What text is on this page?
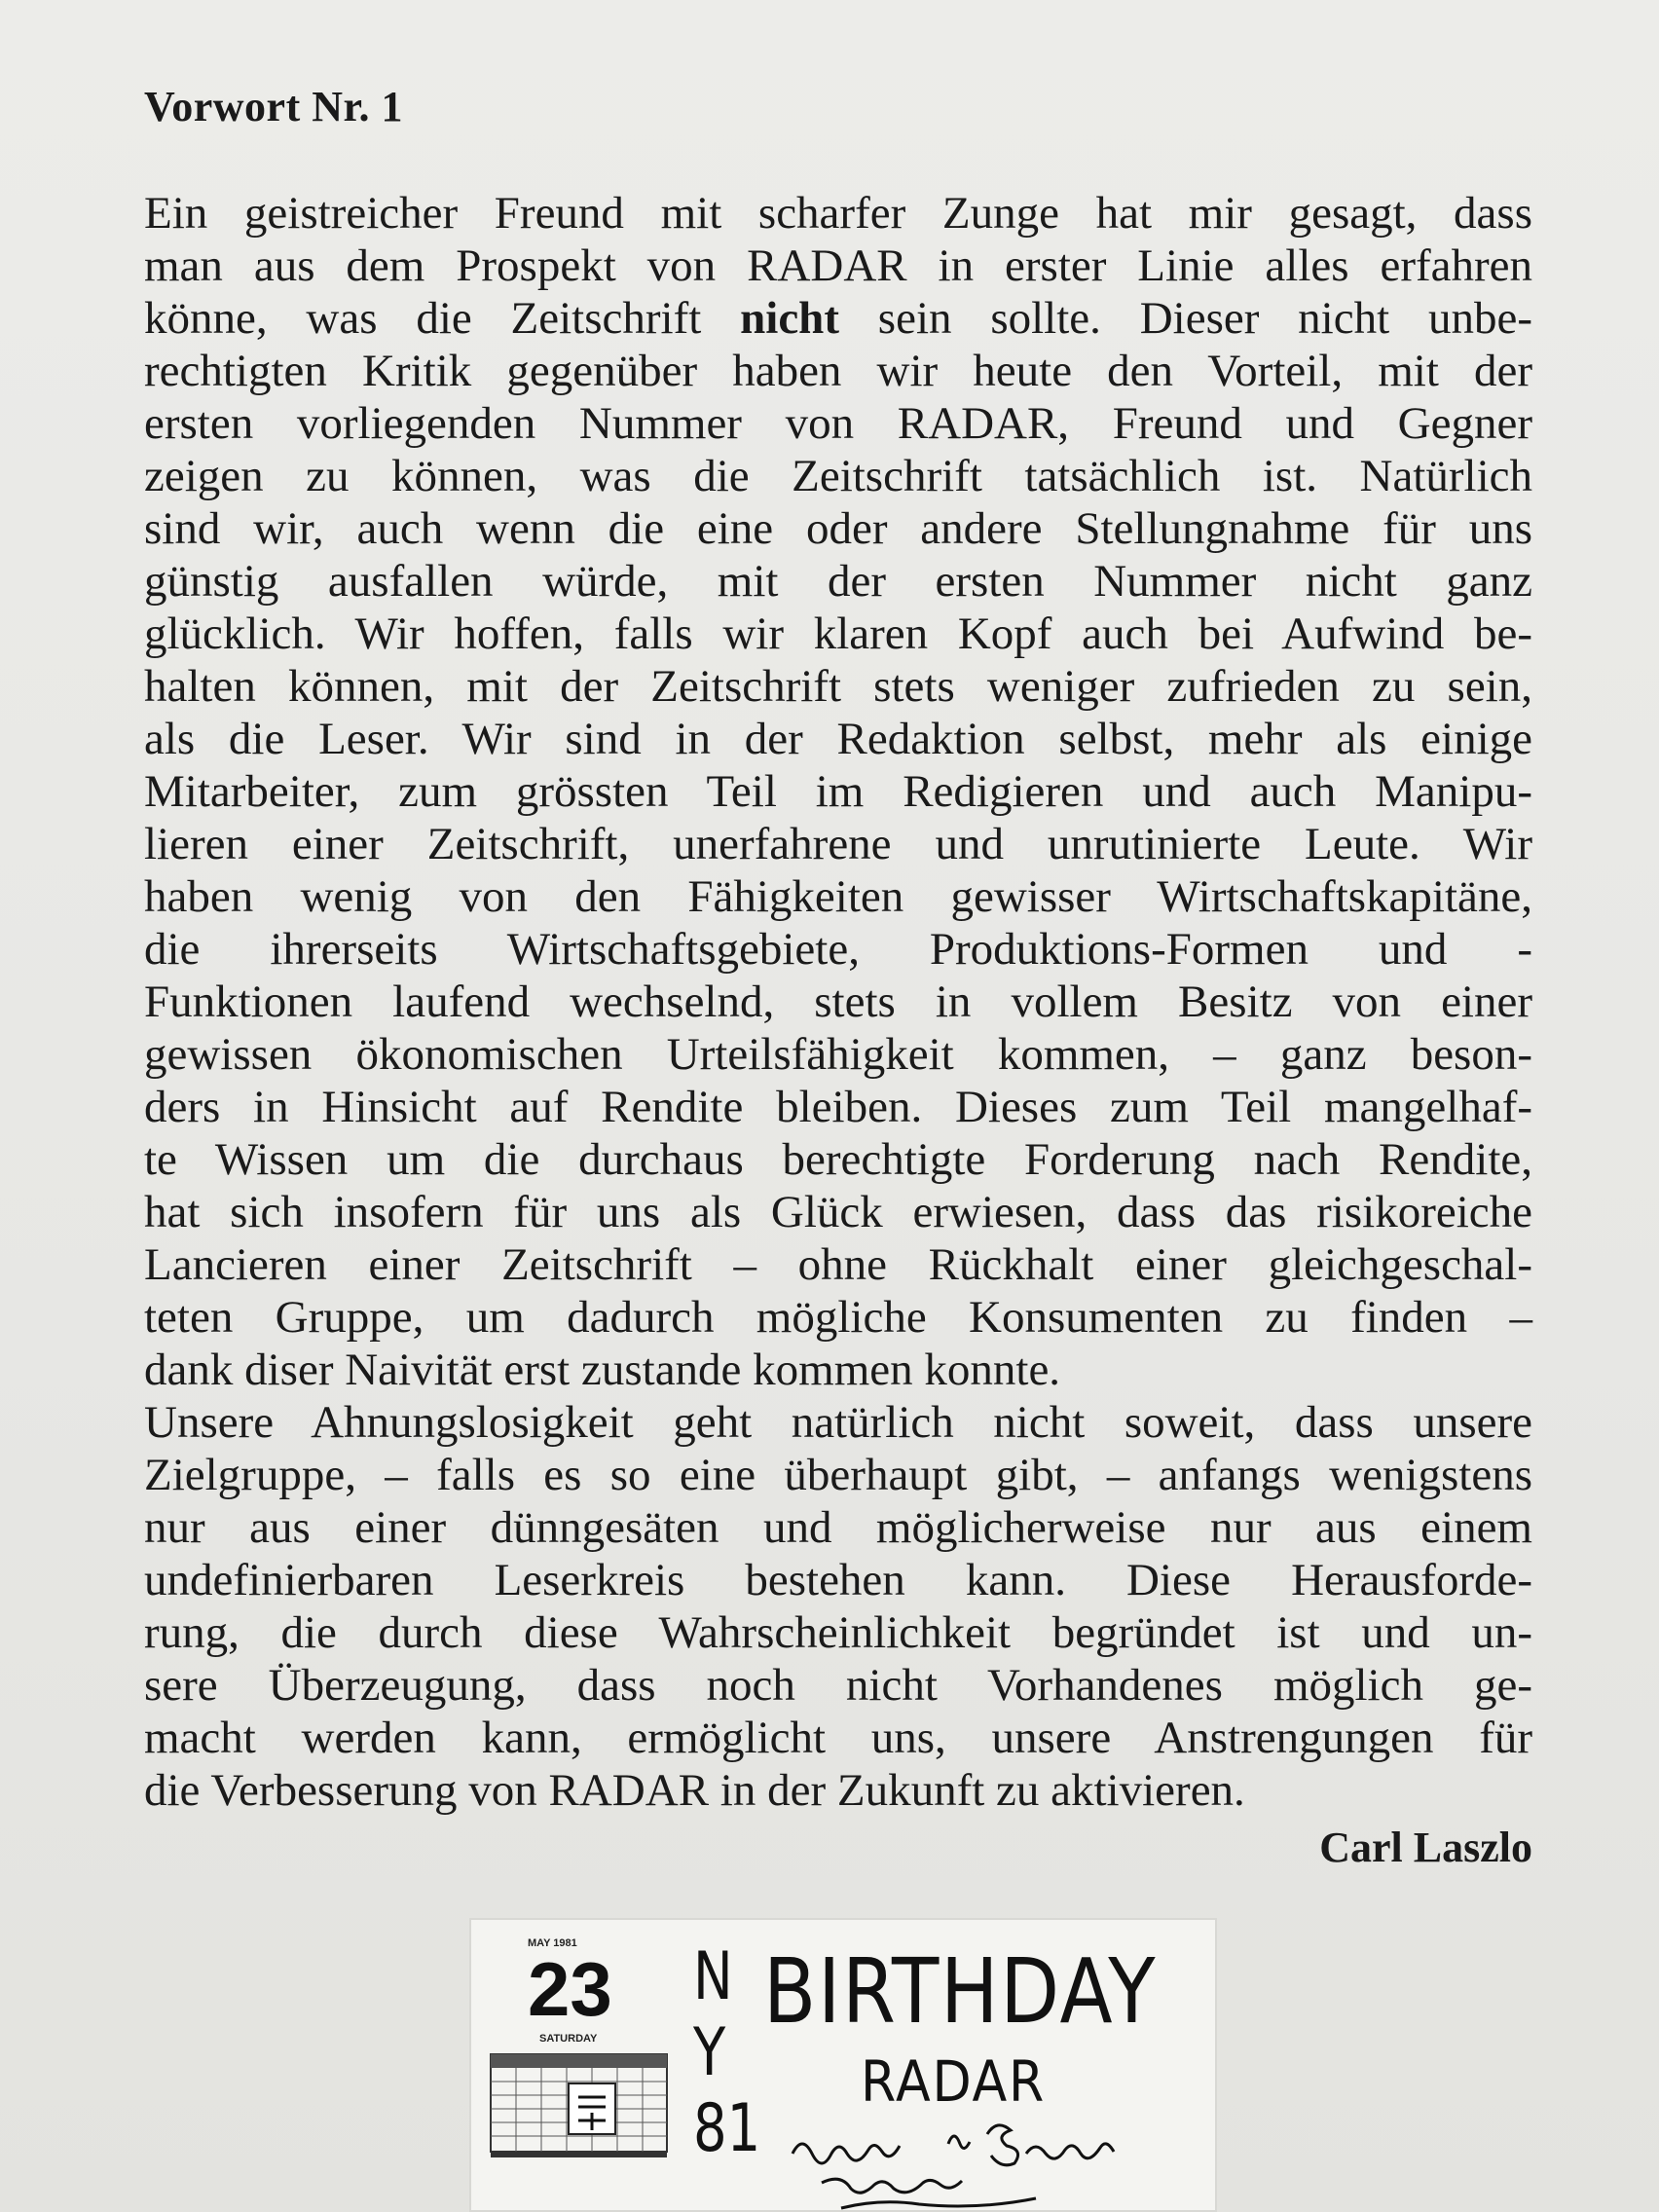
Vorwort Nr. 1
Ein geistreicher Freund mit scharfer Zunge hat mir gesagt, dass
man aus dem Prospekt von RADAR in erster Linie alles erfahren
könne, was die Zeitschrift nicht sein sollte. Dieser nicht unbe-
rechtigten Kritik gegenüber haben wir heute den Vorteil, mit der
ersten vorliegenden Nummer von RADAR, Freund und Gegner
zeigen zu können, was die Zeitschrift tatsächlich ist. Natürlich
sind wir, auch wenn die eine oder andere Stellungnahme für uns
günstig ausfallen würde, mit der ersten Nummer nicht ganz
glücklich. Wir hoffen, falls wir klaren Kopf auch bei Aufwind be-
halten können, mit der Zeitschrift stets weniger zufrieden zu sein,
als die Leser. Wir sind in der Redaktion selbst, mehr als einige
Mitarbeiter, zum grössten Teil im Redigieren und auch Manipu-
lieren einer Zeitschrift, unerfahrene und unrutinierte Leute. Wir
haben wenig von den Fähigkeiten gewisser Wirtschaftskapitäne,
die ihrerseits Wirtschaftsgebiete, Produktions-Formen und -
Funktionen laufend wechselnd, stets in vollem Besitz von einer
gewissen ökonomischen Urteilsfähigkeit kommen, – ganz beson-
ders in Hinsicht auf Rendite bleiben. Dieses zum Teil mangelhaf-
te Wissen um die durchaus berechtigte Forderung nach Rendite,
hat sich insofern für uns als Glück erwiesen, dass das risikoreiche
Lancieren einer Zeitschrift – ohne Rückhalt einer gleichgeschal-
teten Gruppe, um dadurch mögliche Konsumenten zu finden –
dank diser Naivität erst zustande kommen konnte.
Unsere Ahnungslosigkeit geht natürlich nicht soweit, dass unsere
Zielgruppe, – falls es so eine überhaupt gibt, – anfangs wenigstens
nur aus einer dünngesäten und möglicherweise nur aus einem
undefinierbaren Leserkreis bestehen kann. Diese Herausforde-
rung, die durch diese Wahrscheinlichkeit begründet ist und un-
sere Überzeugung, dass noch nicht Vorhandenes möglich ge-
macht werden kann, ermöglicht uns, unsere Anstrengungen für
die Verbesserung von RADAR in der Zukunft zu aktivieren.
Carl Laszlo
MAY 1981
23
SATURDAY
N
Y
81
BIRTHDAY
RADAR
